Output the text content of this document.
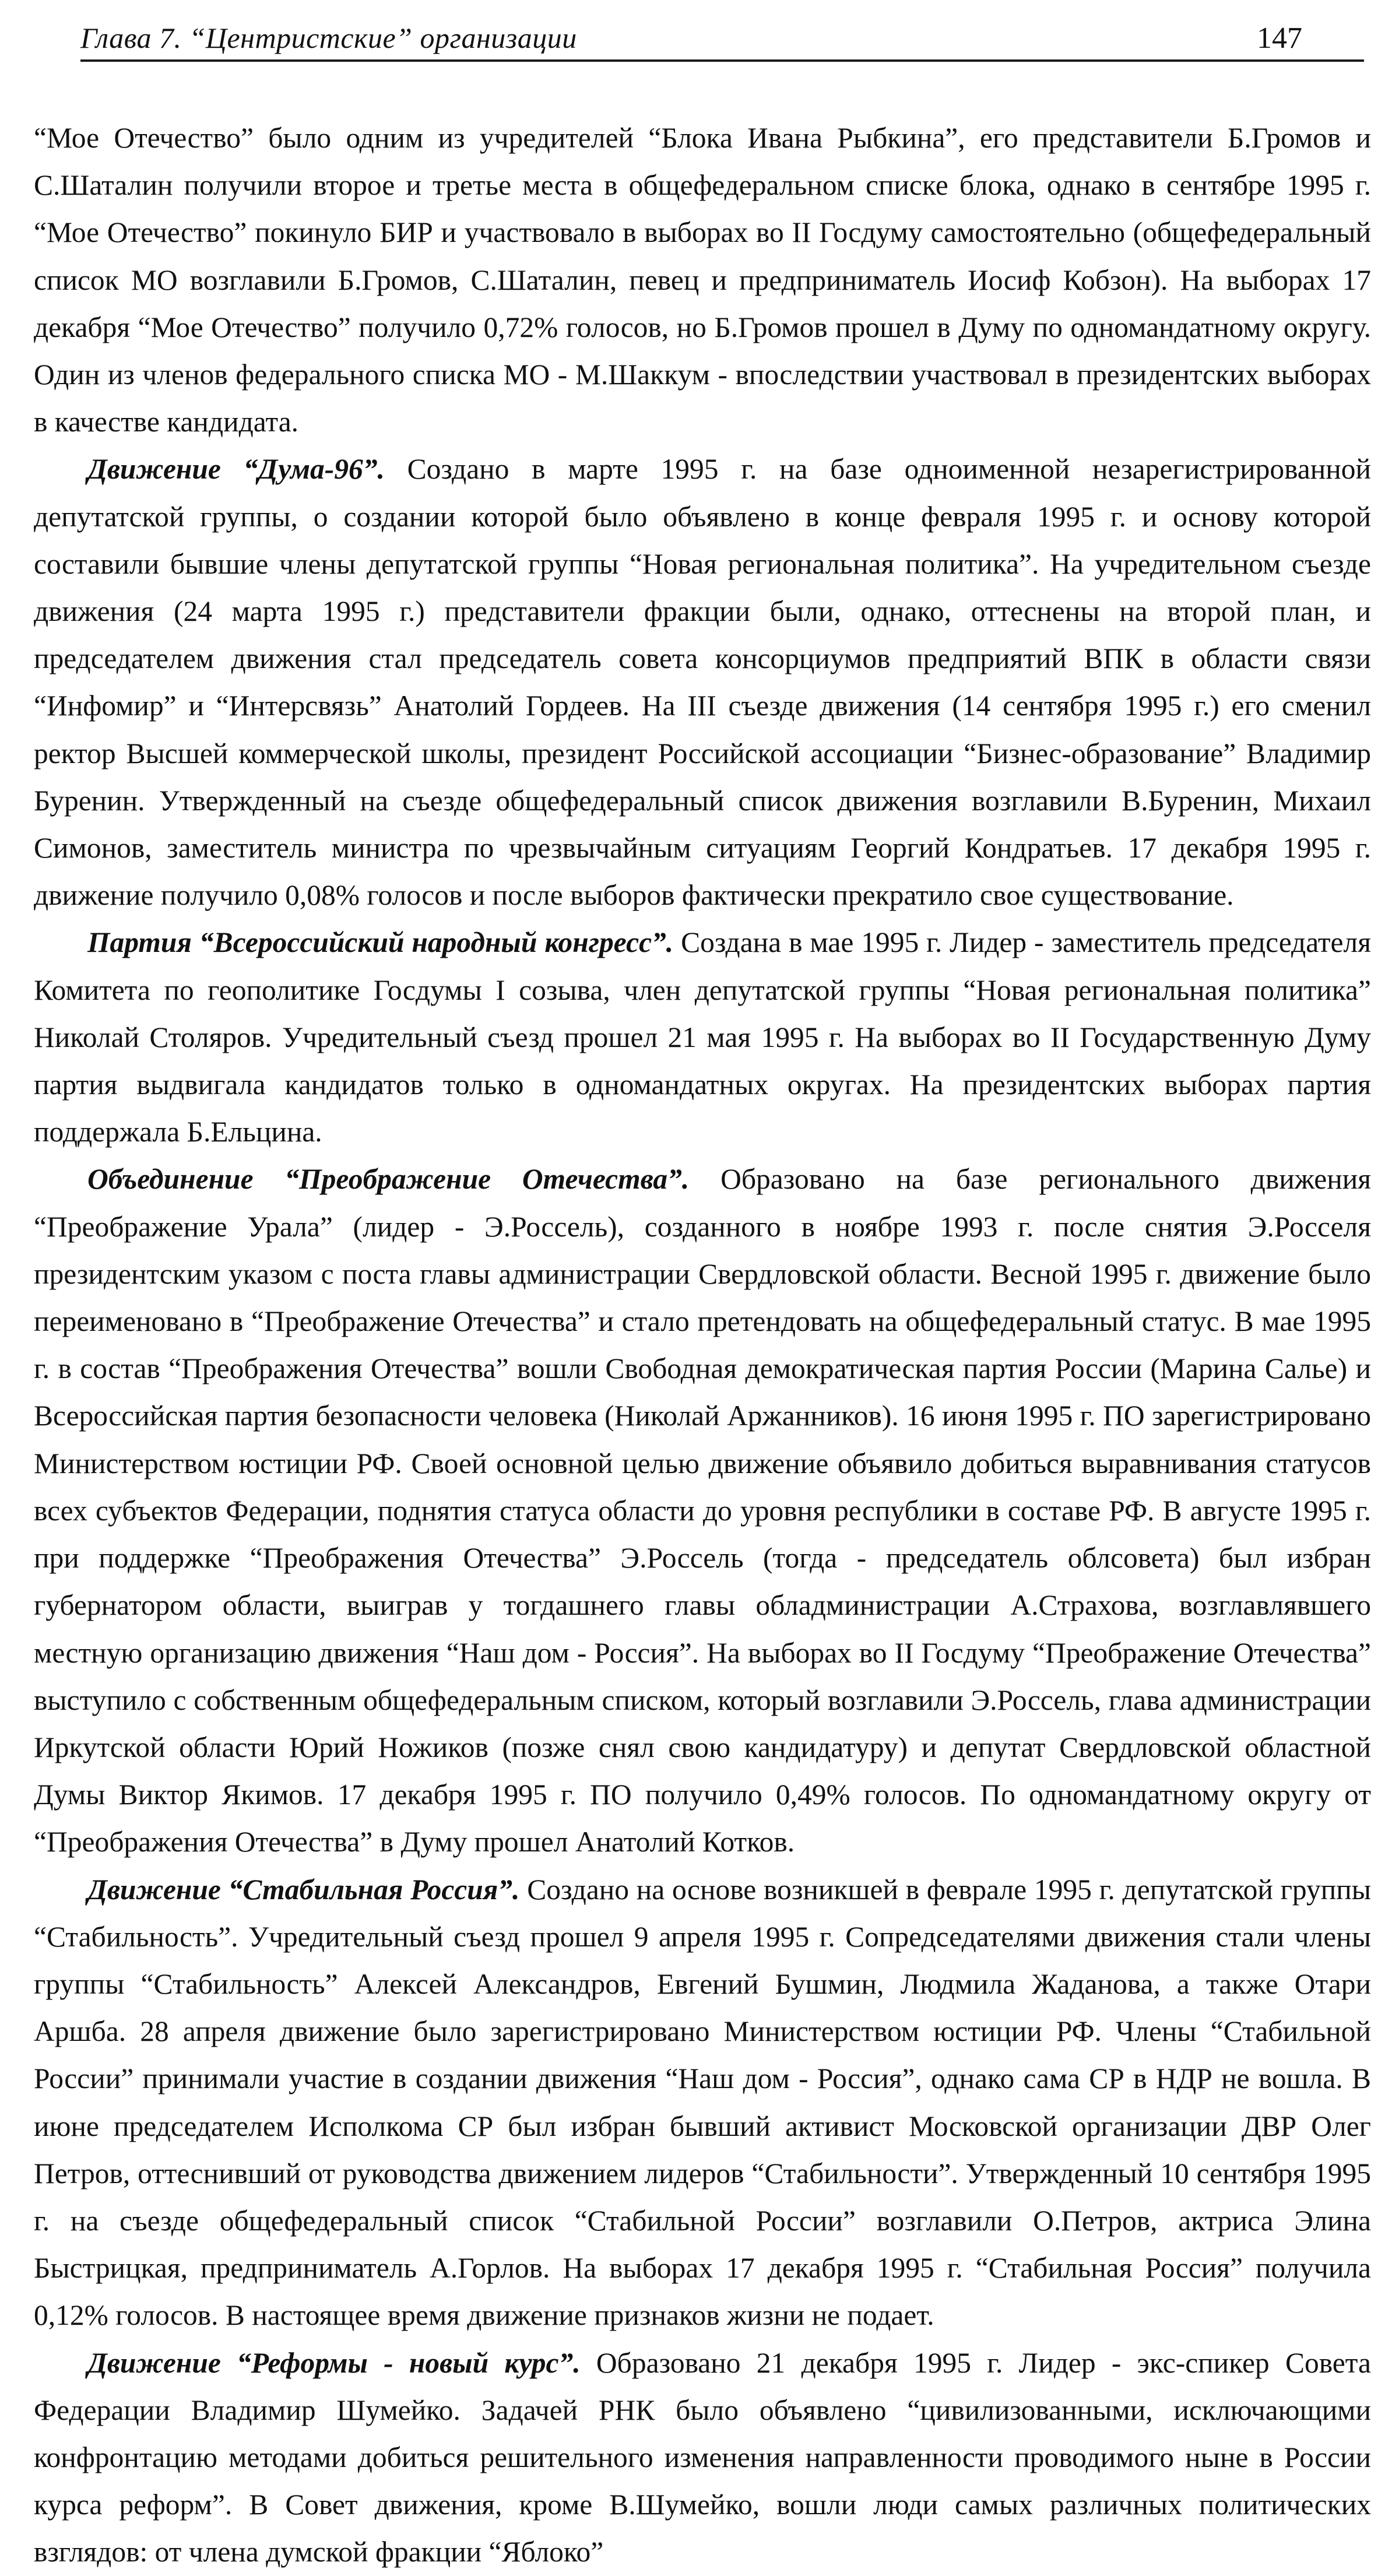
Глава 7. “Центристские” организации	147

“Мое Отечество” было одним из учредителей “Блока Ивана Рыбкина”, его представители Б.Громов и С.Шаталин получили второе и третье места в общефедеральном списке блока, однако в сентябре 1995 г. “Мое Отечество” покинуло БИР и участвовало в выборах во II Госдуму самостоятельно (общефедеральный список МО возглавили Б.Громов, С.Шаталин, певец и предприниматель Иосиф Кобзон). На выборах 17 декабря “Мое Отечество” получило 0,72% голосов, но Б.Громов прошел в Думу по одномандатному округу. Один из членов федерального списка МО - М.Шаккум - впоследствии участвовал в президентских выборах в качестве кандидата.

Движение “Дума-96”. Создано в марте 1995 г. на базе одноименной незарегистрированной депутатской группы, о создании которой было объявлено в конце февраля 1995 г. и основу которой составили бывшие члены депутатской группы “Новая региональная политика”. На учредительном съезде движения (24 марта 1995 г.) представители фракции были, однако, оттеснены на второй план, и председателем движения стал председатель совета консорциумов предприятий ВПК в области связи “Инфомир” и “Интерсвязь” Анатолий Гордеев. На III съезде движения (14 сентября 1995 г.) его сменил ректор Высшей коммерческой школы, президент Российской ассоциации “Бизнес-образование” Владимир Буренин. Утвержденный на съезде общефедеральный список движения возглавили В.Буренин, Михаил Симонов, заместитель министра по чрезвычайным ситуациям Георгий Кондратьев. 17 декабря 1995 г. движение получило 0,08% голосов и после выборов фактически прекратило свое существование.

Партия “Всероссийский народный конгресс”. Создана в мае 1995 г. Лидер - заместитель председателя Комитета по геополитике Госдумы I созыва, член депутатской группы “Новая региональная политика” Николай Столяров. Учредительный съезд прошел 21 мая 1995 г. На выборах во II Государственную Думу партия выдвигала кандидатов только в одномандатных округах. На президентских выборах партия поддержала Б.Ельцина.

Объединение “Преображение Отечества”. Образовано на базе регионального движения “Преображение Урала” (лидер - Э.Россель), созданного в ноябре 1993 г. после снятия Э.Росселя президентским указом с поста главы администрации Свердловской области. Весной 1995 г. движение было переименовано в “Преображение Отечества” и стало претендовать на общефедеральный статус. В мае 1995 г. в состав “Преображения Отечества” вошли Свободная демократическая партия России (Марина Салье) и Всероссийская партия безопасности человека (Николай Аржанников). 16 июня 1995 г. ПО зарегистрировано Министерством юстиции РФ. Своей основной целью движение объявило добиться выравнивания статусов всех субъектов Федерации, поднятия статуса области до уровня республики в составе РФ. В августе 1995 г. при поддержке “Преображения Отечества” Э.Россель (тогда - председатель облсовета) был избран губернатором области, выиграв у тогдашнего главы обладминистрации А.Страхова, возглавлявшего местную организацию движения “Наш дом - Россия”. На выборах во II Госдуму “Преображение Отечества” выступило с собственным общефедеральным списком, который возглавили Э.Россель, глава администрации Иркутской области Юрий Ножиков (позже снял свою кандидатуру) и депутат Свердловской областной Думы Виктор Якимов. 17 декабря 1995 г. ПО получило 0,49% голосов. По одномандатному округу от “Преображения Отечества” в Думу прошел Анатолий Котков.

Движение “Стабильная Россия”. Создано на основе возникшей в феврале 1995 г. депутатской группы “Стабильность”. Учредительный съезд прошел 9 апреля 1995 г. Сопредседателями движения стали члены группы “Стабильность” Алексей Александров, Евгений Бушмин, Людмила Жаданова, а также Отари Аршба. 28 апреля движение было зарегистрировано Министерством юстиции РФ. Члены “Стабильной России” принимали участие в создании движения “Наш дом - Россия”, однако сама СР в НДР не вошла. В июне председателем Исполкома СР был избран бывший активист Московской организации ДВР Олег Петров, оттеснивший от руководства движением лидеров “Стабильности”. Утвержденный 10 сентября 1995 г. на съезде общефедеральный список “Стабильной России” возглавили О.Петров, актриса Элина Быстрицкая, предприниматель А.Горлов. На выборах 17 декабря 1995 г. “Стабильная Россия” получила 0,12% голосов. В настоящее время движение признаков жизни не подает.

Движение “Реформы - новый курс”. Образовано 21 декабря 1995 г. Лидер - экс-спикер Совета Федерации Владимир Шумейко. Задачей РНК было объявлено “цивилизованными, исключающими конфронтацию методами добиться решительного изменения направленности проводимого ныне в России курса реформ”. В Совет движения, кроме В.Шумейко, вошли люди самых различных политических взглядов: от члена думской фракции “Яблоко”
